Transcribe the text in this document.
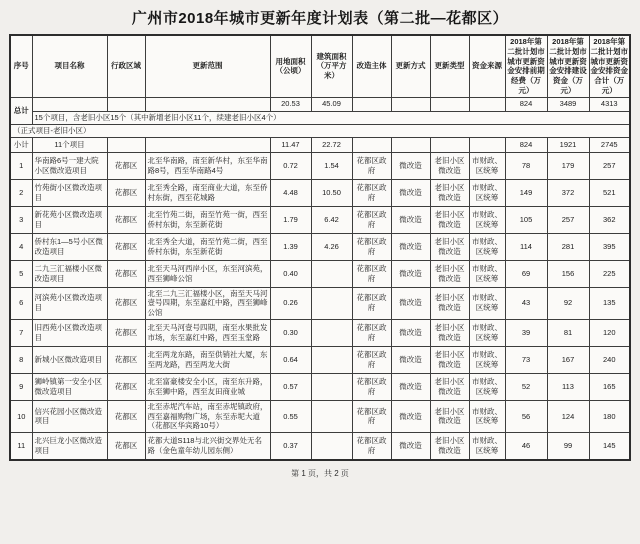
广州市2018年城市更新年度计划表（第二批—花都区）
序号	项目名称	行政区域	更新范围	用地面积（公顷）	建筑面积（万平方米）	改造主体	更新方式	更新类型	资金来源	2018年第二批计划市城市更新资金安排前期经费（万元）	2018年第二批计划市城市更新资金安排建设资金（万元）	2018年第二批计划市城市更新资金安排资金合计（万元）
总计				20.53	45.09					824	3489	4313
	15个项目，含老旧小区15个（其中新增老旧小区11个，续建老旧小区4个）											
（正式项目-老旧小区）												
小计	11个项目			11.47	22.72					824	1921	2745
1	华南路6号一建大院小区微改造项目	花都区	北至华南路，南至新华村，东至华南路8号，西至华南路4号	0.72	1.54	花都区政府	微改造	老旧小区微改造	市财政、区统筹	78	179	257
2	竹苑街小区微改造项目	花都区	北至秀全路，南至商业大道，东至侨村东街，西至花城路	4.48	10.50	花都区政府	微改造	老旧小区微改造	市财政、区统筹	149	372	521
3	新花苑小区微改造项目	花都区	北至竹苑二街，南至竹苑一街，西至侨村东街，东至新花街	1.79	6.42	花都区政府	微改造	老旧小区微改造	市财政、区统筹	105	257	362
4	侨村东1—5号小区微改造项目	花都区	北至秀全大道，南至竹苑二街，西至侨村东街，东至新花街	1.39	4.26	花都区政府	微改造	老旧小区微改造	市财政、区统筹	114	281	395
5	二九三汇福楼小区微改造项目	花都区	北至天马河西岸小区，东至河滨苑，西至狮峰公馆	0.40		花都区政府	微改造	老旧小区微改造	市财政、区统筹	69	156	225
6	河滨苑小区微改造项目	花都区	北至二九三汇福楼小区，南至天马河壹号四期，东至嘉红中路，西至狮峰公馆	0.26		花都区政府	微改造	老旧小区微改造	市财政、区统筹	43	92	135
7	旧西苑小区微改造项目	花都区	北至天马河壹号四期，南至水果批发市场，东至嘉红中路，西至玉堂路	0.30		花都区政府	微改造	老旧小区微改造	市财政、区统筹	39	81	120
8	新城小区微改造项目	花都区	北至两龙东路，南至供销社大厦，东至两龙路，西至两龙大街	0.64		花都区政府	微改造	老旧小区微改造	市财政、区统筹	73	167	240
9	狮岭镇第一安全小区微改造项目	花都区	北至富豪楼安全小区，南至东升路，东至狮中路，西至友田商业城	0.57		花都区政府	微改造	老旧小区微改造	市财政、区统筹	52	113	165
10	信兴花园小区微改造项目	花都区	北至赤坭汽车站，南至赤坭镇政府，西至嘉福购物广场，东至赤坭大道（花都区华宾路10号）	0.55		花都区政府	微改造	老旧小区微改造	市财政、区统筹	56	124	180
11	北兴巨龙小区微改造项目	花都区	花都大道S118与北兴街交界处无名路（金色童年幼儿园东侧）	0.37		花都区政府	微改造	老旧小区微改造	市财政、区统筹	46	99	145
第 1 页，共 2 页
